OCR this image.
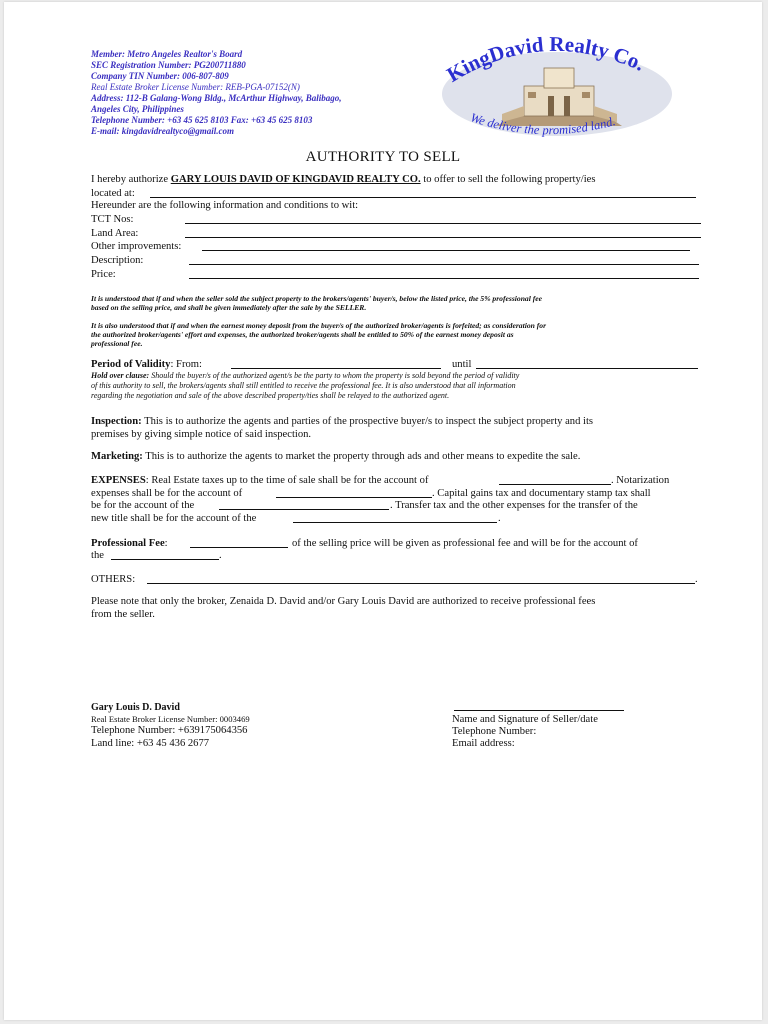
Member: Metro Angeles Realtor's Board
SEC Registration Number: PG200711880
Company TIN Number: 006-807-809
Real Estate Broker License Number: REB-PGA-07152(N)
Address: 112-B Galang-Wong Bldg., McArthur Highway, Balibago,
Angeles City, Philippines
Telephone Number: +63 45 625 8103 Fax: +63 45 625 8103
E-mail: kingdavidrealtyco@gmail.com
KingDavid Realty Co.
We deliver the promised land.
AUTHORITY TO SELL
I hereby authorize GARY LOUIS DAVID OF KINGDAVID REALTY CO. to offer to sell the following property/ies
located at:
Hereunder are the following information and conditions to wit:
TCT Nos:
Land Area:
Other improvements:
Description:
Price:
It is understood that if and when the seller sold the subject property to the brokers/agents' buyer/s, below the listed price, the 5% professional fee
based on the selling price, and shall be given immediately after the sale by the SELLER.
It is also understood that if and when the earnest money deposit from the buyer/s of the authorized broker/agents is forfeited; as consideration for
the authorized broker/agents' effort and expenses, the authorized broker/agents shall be entitled to 50% of the earnest money deposit as
professional fee.
Period of Validity: From:	until
Hold over clause: Should the buyer/s of the authorized agent/s be the party to whom the property is sold beyond the period of validity
of this authority to sell, the brokers/agents shall still entitled to receive the professional fee. It is also understood that all information
regarding the negotiation and sale of the above described property/ties shall be relayed to the authorized agent.
Inspection: This is to authorize the agents and parties of the prospective buyer/s to inspect the subject property and its
premises by giving simple notice of said inspection.
Marketing: This is to authorize the agents to market the property through ads and other means to expedite the sale.
EXPENSES: Real Estate taxes up to the time of sale shall be for the account of	. Notarization
expenses shall be for the account of	. Capital gains tax and documentary stamp tax shall
be for the account of the	. Transfer tax and the other expenses for the transfer of the
new title shall be for the account of the	.
Professional Fee:	of the selling price will be given as professional fee and will be for the account of
the	.
OTHERS:	.
Please note that only the broker, Zenaida D. David and/or Gary Louis David are authorized to receive professional fees
from the seller.
Gary Louis D. David
Real Estate Broker License Number: 0003469
Telephone Number: +639175064356
Land line: +63 45 436 2677
Name and Signature of Seller/date
Telephone Number:
Email address:
